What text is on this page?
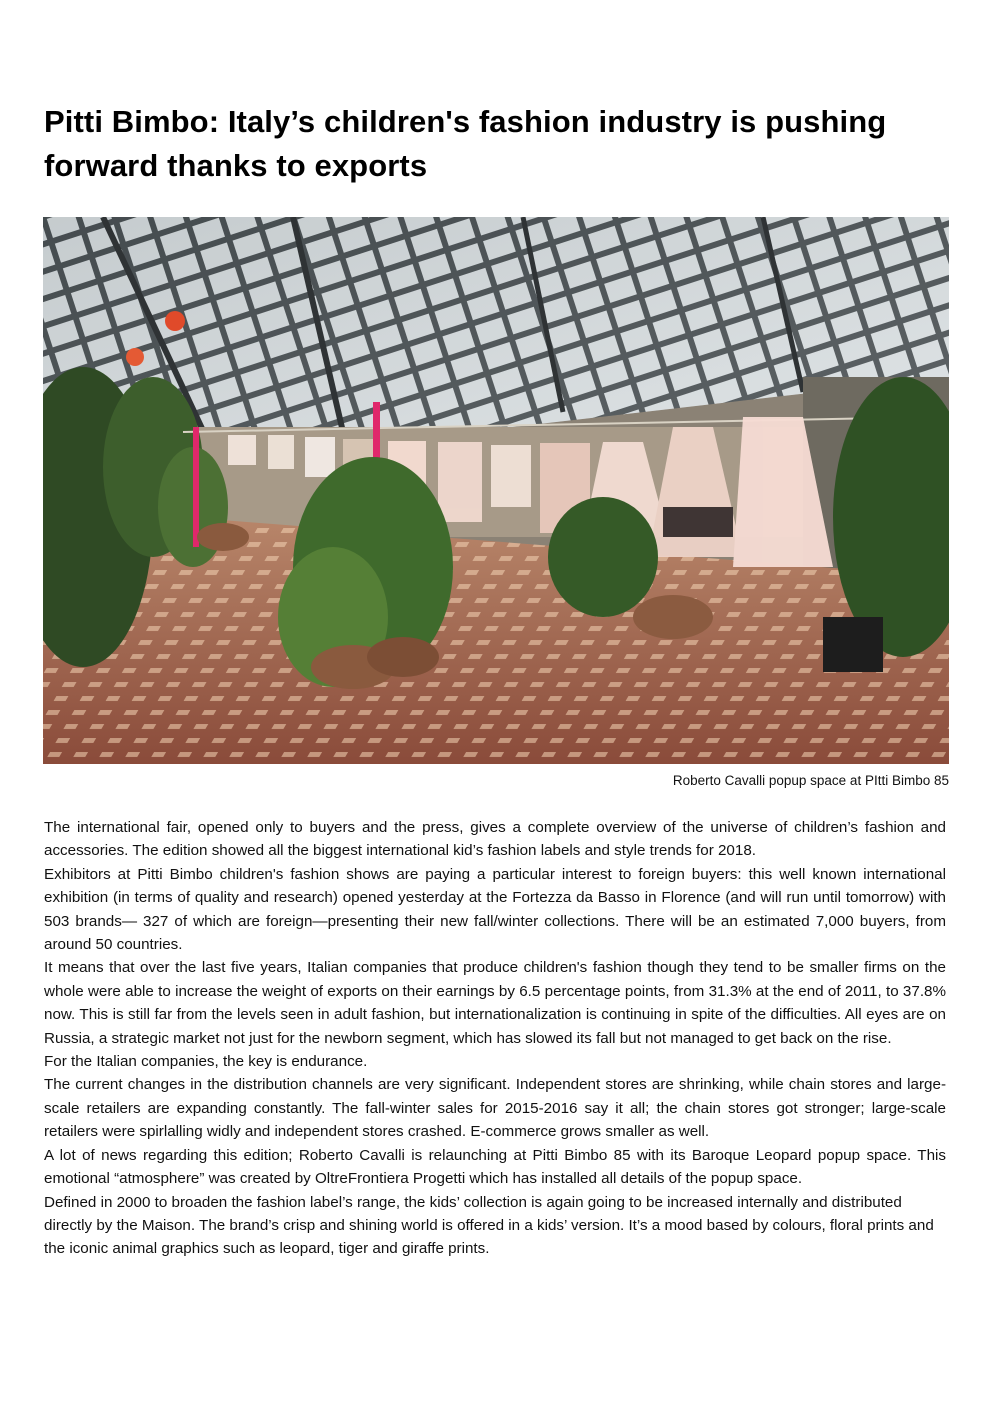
Pitti Bimbo: Italy’s children's fashion industry is pushing forward thanks to exports
Roberto Cavalli popup space at PItti Bimbo 85

The international fair, opened only to buyers and the press, gives a complete overview of the universe of children’s fashion and accessories. The edition showed all the biggest international kid’s fashion labels and style trends for 2018.

Exhibitors at Pitti Bimbo children's fashion shows are paying a particular interest to foreign buyers: this well known international exhibition (in terms of quality and research) opened yesterday at the Fortezza da Basso in Florence (and will run until tomorrow) with 503 brands— 327 of which are foreign—presenting their new fall/winter collections. There will be an estimated 7,000 buyers, from around 50 countries.

It means that over the last five years, Italian companies that produce children's fashion though they tend to be smaller firms on the whole were able to increase the weight of exports on their earnings by 6.5 percentage points, from 31.3% at the end of 2011, to 37.8% now. This is still far from the levels seen in adult fashion, but internationalization is continuing in spite of the difficulties. All eyes are on Russia, a strategic market not just for the newborn segment, which has slowed its fall but not managed to get back on the rise.

For the Italian companies, the key is endurance.

The current changes in the distribution channels are very significant. Independent stores are shrinking, while chain stores and large-scale retailers are expanding constantly. The fall-winter sales for 2015-2016 say it all; the chain stores got stronger; large-scale retailers were spirlalling widly and independent stores crashed. E-commerce grows smaller as well.

A lot of news regarding this edition; Roberto Cavalli is relaunching at Pitti Bimbo 85 with its Baroque Leopard popup space. This emotional “atmosphere” was created by OltreFrontiera Progetti which has installed all details of the popup space.

Defined in 2000 to broaden the fashion label’s range, the kids’ collection is again going to be increased internally and distributed directly by the Maison. The brand’s crisp and shining world is offered in a kids’ version. It’s a mood based by colours, floral prints and the iconic animal graphics such as leopard, tiger and giraffe prints.
